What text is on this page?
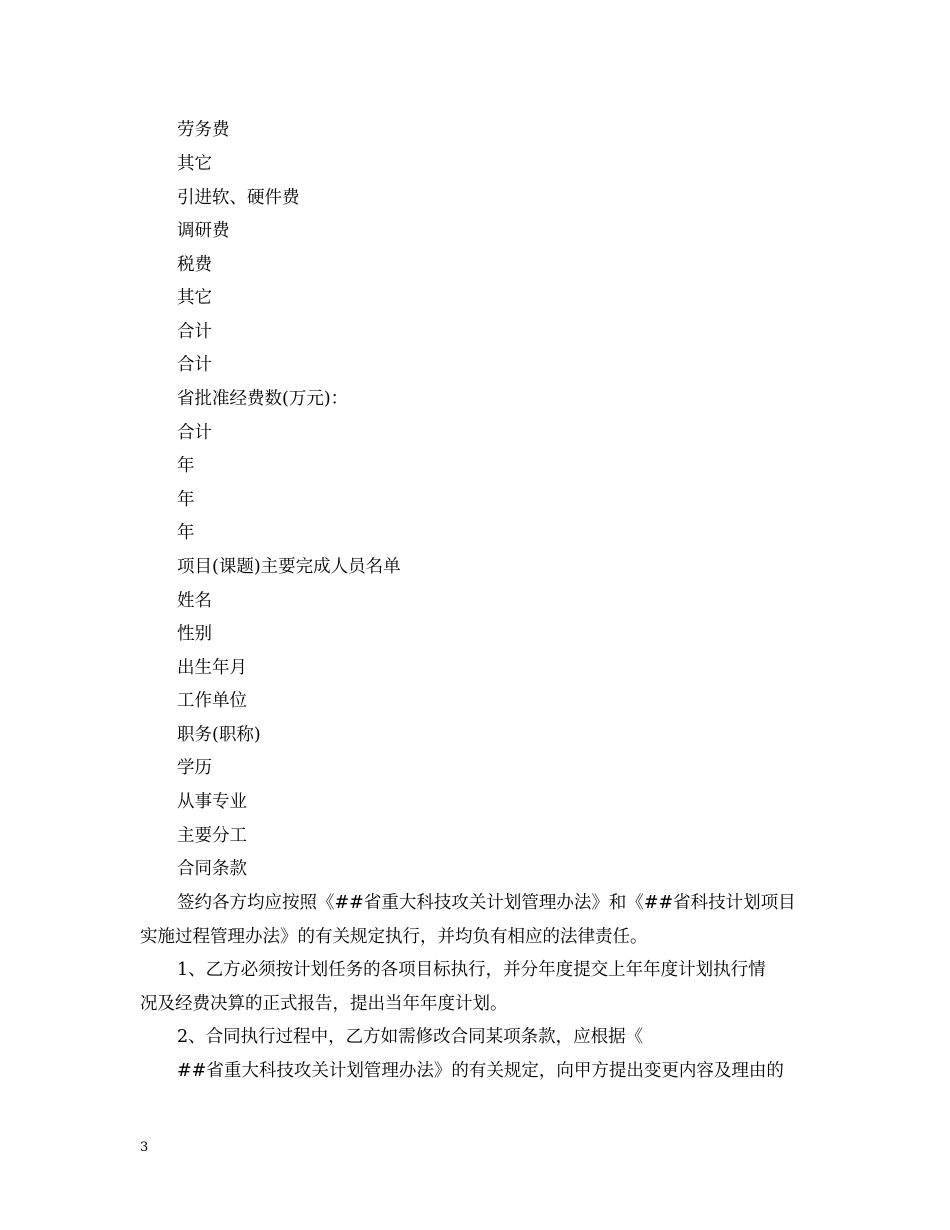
劳务费
其它
引进软、硬件费
调研费
税费
其它
合计
合计
省批准经费数(万元)：
合计
年
年
年
项目(课题)主要完成人员名单
姓名
性别
出生年月
工作单位
职务(职称)
学历
从事专业
主要分工
合同条款
签约各方均应按照《##省重大科技攻关计划管理办法》和《##省科技计划项目
实施过程管理办法》的有关规定执行，并均负有相应的法律责任。
1、乙方必须按计划任务的各项目标执行，并分年度提交上年年度计划执行情
况及经费决算的正式报告，提出当年年度计划。
2、合同执行过程中，乙方如需修改合同某项条款，应根据《
##省重大科技攻关计划管理办法》的有关规定，向甲方提出变更内容及理由的
3
